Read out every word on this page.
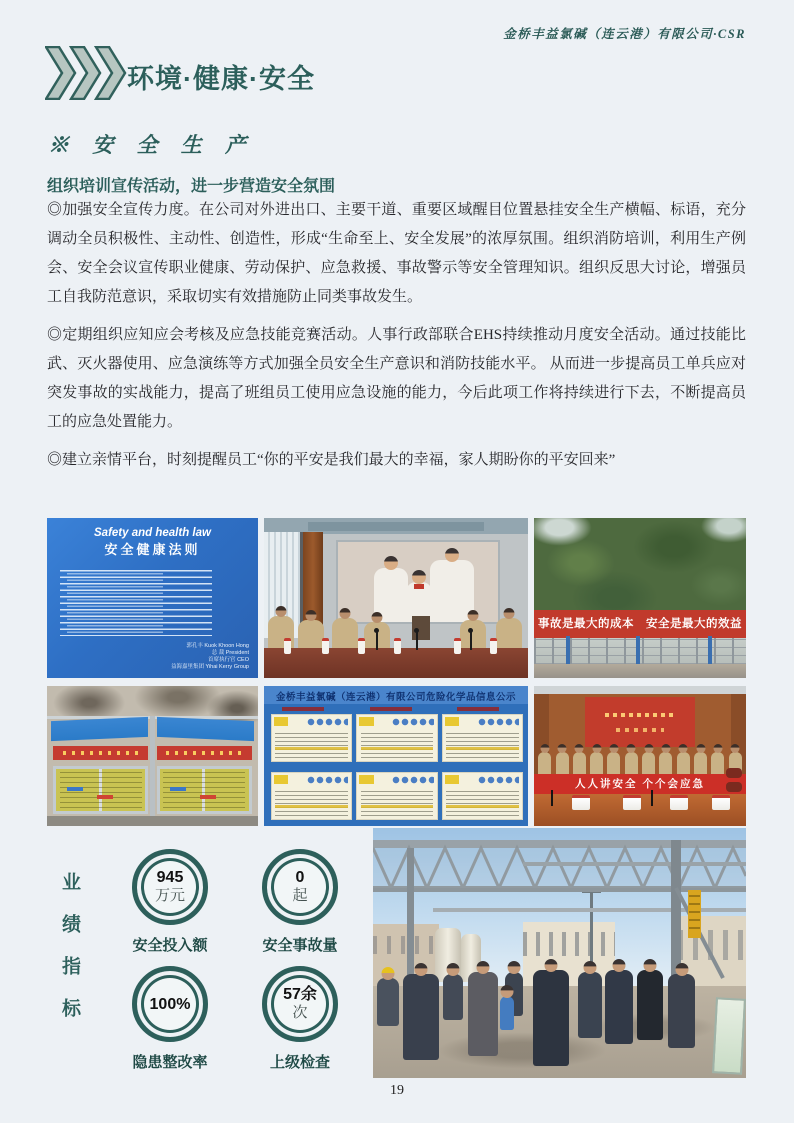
金桥丰益氯碱（连云港）有限公司·CSR
环境·健康·安全
※ 安 全 生 产
组织培训宣传活动，进一步营造安全氛围

◎加强安全宣传力度。在公司对外进出口、主要干道、重要区域醒目位置悬挂安全生产横幅、标语，充分调动全员积极性、主动性、创造性，形成“生命至上、安全发展”的浓厚氛围。组织消防培训，利用生产例会、安全会议宣传职业健康、劳动保护、应急救援、事故警示等安全管理知识。组织反思大讨论，增强员工自我防范意识，采取切实有效措施防止同类事故发生。

◎定期组织应知应会考核及应急技能竞赛活动。人事行政部联合EHS持续推动月度安全活动。通过技能比武、灭火器使用、应急演练等方式加强全员安全生产意识和消防技能水平。 从而进一步提高员工单兵应对突发事故的实战能力，提高了班组员工使用应急设施的能力，今后此项工作将持续进行下去，不断提高员工的应急处置能力。

◎建立亲情平台，时刻提醒员工“你的平安是我们最大的幸福，家人期盼你的平安回来”

Safety and health law
安全健康法则
郭孔丰 Kuok Khoon Hong
总 裁 President
首席执行官 CEO
益海嘉里集团 Yihai Kerry Group
事故是最大的成本　安全是最大的效益
金桥丰益氯碱（连云港）有限公司危险化学品信息公示
人人讲安全 个个会应急
业绩指标	945
万元
安全投入额
0
起
安全事故量
100%
隐患整改率
57余
次
上级检查
19
